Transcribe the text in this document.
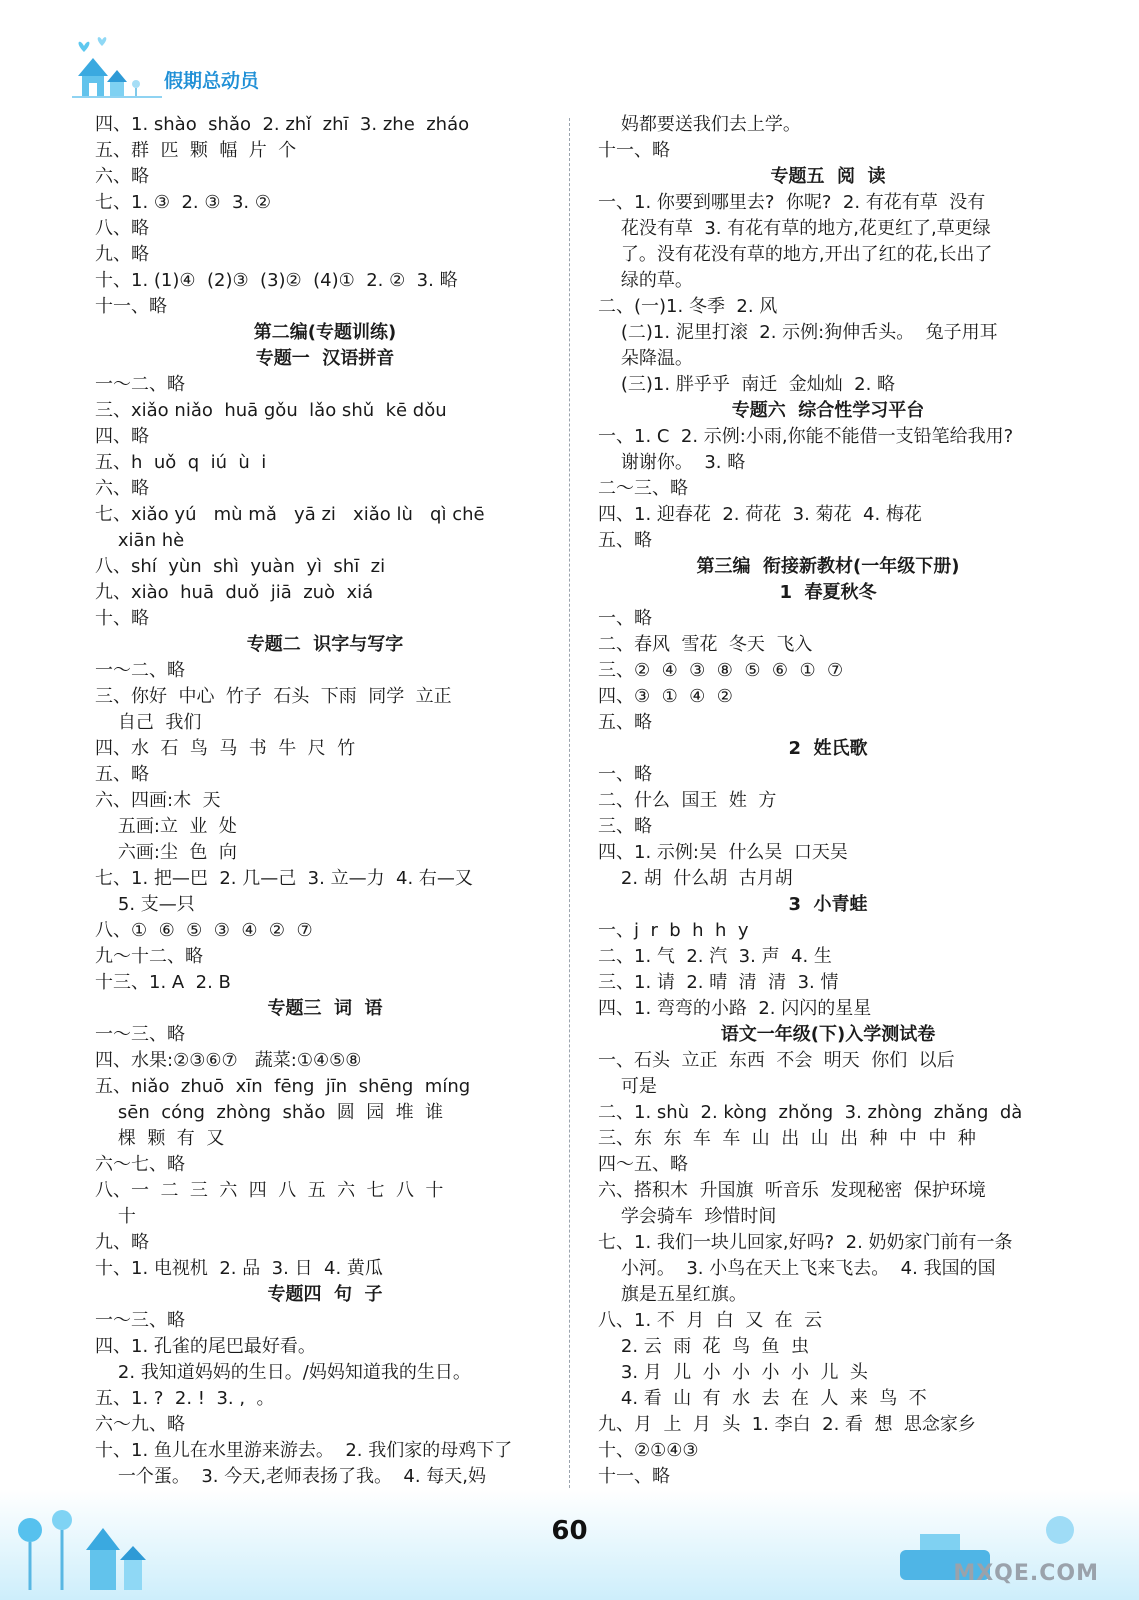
假期总动员
四、1. shào  shǎo  2. zhǐ  zhī  3. zhe  zháo
五、群  匹  颗  幅  片  个
六、略
七、1. ③  2. ③  3. ②
八、略
九、略
十、1. (1)④  (2)③  (3)②  (4)①  2. ②  3. 略
十一、略
第二编(专题训练)
专题一  汉语拼音
一～二、略
三、xiǎo niǎo  huā gǒu  lǎo shǔ  kē dǒu
四、略
五、h  uǒ  q  iú  ù  i
六、略
七、xiǎo yú   mù mǎ   yā zi   xiǎo lù   qì chē
xiān hè
八、shí  yùn  shì  yuàn  yì  shī  zi
九、xiào  huā  duǒ  jiā  zuò  xiá
十、略
专题二  识字与写字
一～二、略
三、你好  中心  竹子  石头  下雨  同学  立正
自己  我们
四、水  石  鸟  马  书  牛  尺  竹
五、略
六、四画:木  天
五画:立  业  处
六画:尘  色  向
七、1. 把—巴  2. 几—己  3. 立—力  4. 右—又
5. 支—只
八、①  ⑥  ⑤  ③  ④  ②  ⑦
九～十二、略
十三、1. A  2. B
专题三  词  语
一～三、略
四、水果:②③⑥⑦   蔬菜:①④⑤⑧
五、niǎo  zhuō  xīn  fēng  jīn  shēng  míng
sēn  cóng  zhòng  shǎo  圆  园  堆  谁
棵  颗  有  又
六～七、略
八、一  二  三  六  四  八  五  六  七  八  十
十
九、略
十、1. 电视机  2. 品  3. 日  4. 黄瓜
专题四  句  子
一～三、略
四、1. 孔雀的尾巴最好看。
2. 我知道妈妈的生日。/妈妈知道我的生日。
五、1. ?  2. !  3. ,  。
六～九、略
十、1. 鱼儿在水里游来游去。  2. 我们家的母鸡下了
一个蛋。  3. 今天,老师表扬了我。  4. 每天,妈
妈都要送我们去上学。
十一、略
专题五  阅  读
一、1. 你要到哪里去?  你呢?  2. 有花有草  没有
花没有草  3. 有花有草的地方,花更红了,草更绿
了。没有花没有草的地方,开出了红的花,长出了
绿的草。
二、(一)1. 冬季  2. 风
(二)1. 泥里打滚  2. 示例:狗伸舌头。  兔子用耳
朵降温。
(三)1. 胖乎乎  南迁  金灿灿  2. 略
专题六  综合性学习平台
一、1. C  2. 示例:小雨,你能不能借一支铅笔给我用?
谢谢你。  3. 略
二～三、略
四、1. 迎春花  2. 荷花  3. 菊花  4. 梅花
五、略
第三编  衔接新教材(一年级下册)
1  春夏秋冬
一、略
二、春风  雪花  冬天  飞入
三、②  ④  ③  ⑧  ⑤  ⑥  ①  ⑦
四、③  ①  ④  ②
五、略
2  姓氏歌
一、略
二、什么  国王  姓  方
三、略
四、1. 示例:吴  什么吴  口天吴
2. 胡  什么胡  古月胡
3  小青蛙
一、j  r  b  h  h  y
二、1. 气  2. 汽  3. 声  4. 生
三、1. 请  2. 晴  清  清  3. 情
四、1. 弯弯的小路  2. 闪闪的星星
语文一年级(下)入学测试卷
一、石头  立正  东西  不会  明天  你们  以后
可是
二、1. shù  2. kòng  zhǒng  3. zhòng  zhǎng  dà
三、东  东  车  车  山  出  山  出  种  中  中  种
四～五、略
六、搭积木  升国旗  听音乐  发现秘密  保护环境
学会骑车  珍惜时间
七、1. 我们一块儿回家,好吗?  2. 奶奶家门前有一条
小河。  3. 小鸟在天上飞来飞去。  4. 我国的国
旗是五星红旗。
八、1. 不  月  白  又  在  云
2. 云  雨  花  鸟  鱼  虫
3. 月  儿  小  小  小  小  儿  头
4. 看  山  有  水  去  在  人  来  鸟  不
九、月  上  月  头  1. 李白  2. 看  想  思念家乡
十、②①④③
十一、略
60
MXQE.COM
